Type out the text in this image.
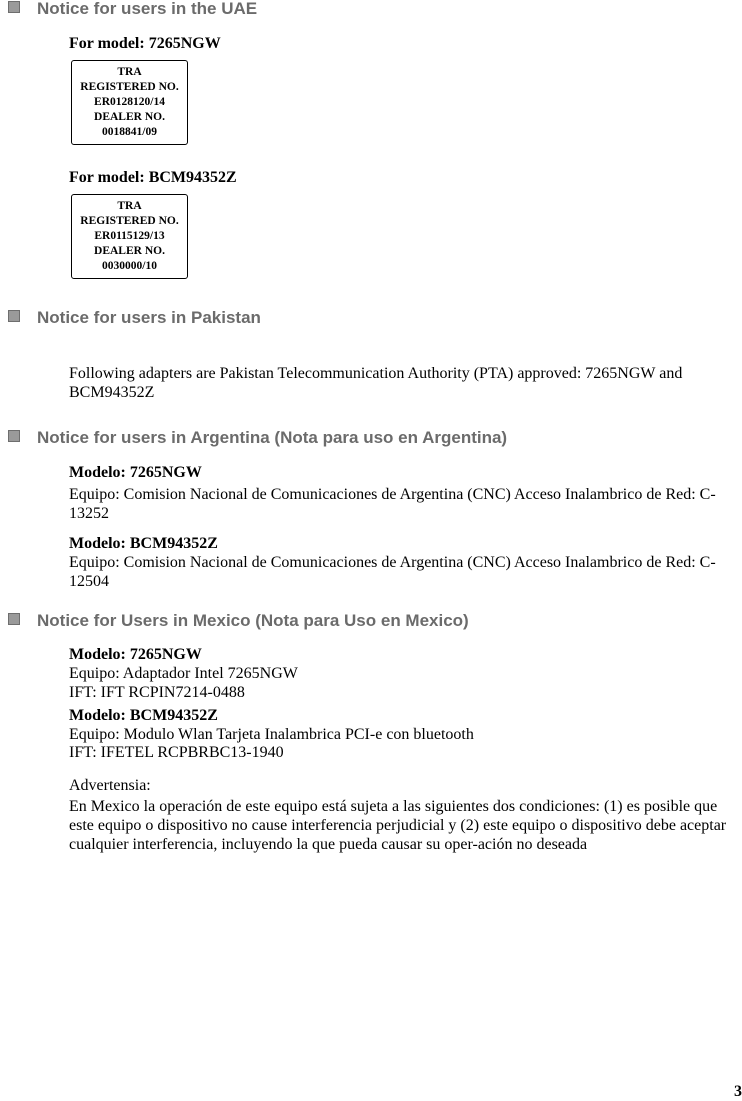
Notice for users in the UAE
For model: 7265NGW
TRA
REGISTERED NO.
ER0128120/14
DEALER NO.
0018841/09
For model: BCM94352Z
TRA
REGISTERED NO.
ER0115129/13
DEALER NO.
0030000/10
Notice for users in Pakistan
Following adapters are Pakistan Telecommunication Authority (PTA) approved: 7265NGW and BCM94352Z
Notice for users in Argentina (Nota para uso en Argentina)
Modelo: 7265NGW
Equipo: Comision Nacional de Comunicaciones de Argentina (CNC) Acceso Inalambrico de Red: C-13252
Modelo: BCM94352Z
Equipo: Comision Nacional de Comunicaciones de Argentina (CNC) Acceso Inalambrico de Red: C-12504
Notice for Users in Mexico (Nota para Uso en Mexico)
Modelo: 7265NGW
Equipo: Adaptador Intel 7265NGW
IFT: IFT RCPIN7214-0488
Modelo: BCM94352Z
Equipo: Modulo Wlan Tarjeta Inalambrica PCI-e con bluetooth
IFT: IFETEL RCPBRBC13-1940
Advertensia:
En Mexico la operación de este equipo está sujeta a las siguientes dos condiciones: (1) es posible que este equipo o dispositivo no cause interferencia perjudicial y (2) este equipo o dispositivo debe aceptar cualquier interferencia, incluyendo la que pueda causar su oper-ación no deseada
3
